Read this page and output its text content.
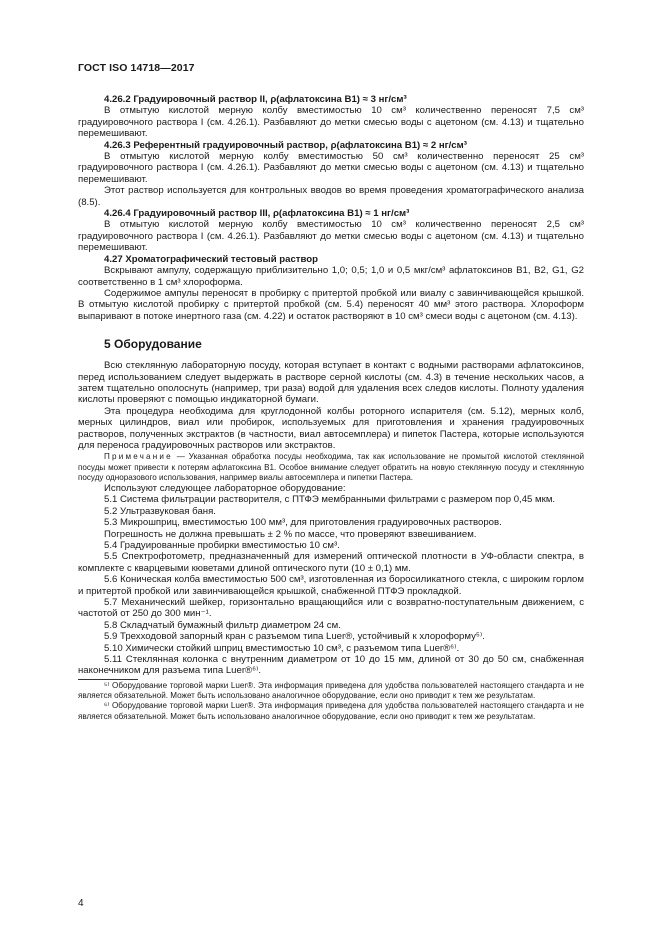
ГОСТ ISO 14718—2017

4.26.2 Градуировочный раствор II, ρ(афлатоксина В1) ≈ 3 нг/см³

В отмытую кислотой мерную колбу вместимостью 10 см³ количественно переносят 7,5 см³ градуировочного раствора I (см. 4.26.1). Разбавляют до метки смесью воды с ацетоном (см. 4.13) и тщательно перемешивают.

4.26.3 Референтный градуировочный раствор, ρ(афлатоксина В1) ≈ 2 нг/см³

В отмытую кислотой мерную колбу вместимостью 50 см³ количественно переносят 25 см³ градуировочного раствора I (см. 4.26.1). Разбавляют до метки смесью воды с ацетоном (см. 4.13) и тщательно перемешивают.

Этот раствор используется для контрольных вводов во время проведения хроматографического анализа (8.5).

4.26.4 Градуировочный раствор III, ρ(афлатоксина В1) ≈ 1 нг/см³

В отмытую кислотой мерную колбу вместимостью 10 см³ количественно переносят 2,5 см³ градуировочного раствора I (см. 4.26.1). Разбавляют до метки смесью воды с ацетоном (см. 4.13) и тщательно перемешивают.

4.27 Хроматографический тестовый раствор

Вскрывают ампулу, содержащую приблизительно 1,0; 0,5; 1,0 и 0,5 мкг/см³ афлатоксинов В1, В2, G1, G2 соответственно в 1 см³ хлороформа.

Содержимое ампулы переносят в пробирку с притертой пробкой или виалу с завинчивающейся крышкой. В отмытую кислотой пробирку с притертой пробкой (см. 5.4) переносят 40 мм³ этого раствора. Хлороформ выпаривают в потоке инертного газа (см. 4.22) и остаток растворяют в 10 см³ смеси воды с ацетоном (см. 4.13).

5 Оборудование

Всю стеклянную лабораторную посуду, которая вступает в контакт с водными растворами афлатоксинов, перед использованием следует выдержать в растворе серной кислоты (см. 4.3) в течение нескольких часов, а затем тщательно ополоснуть (например, три раза) водой для удаления всех следов кислоты. Полноту удаления кислоты проверяют с помощью индикаторной бумаги.

Эта процедура необходима для круглодонной колбы роторного испарителя (см. 5.12), мерных колб, мерных цилиндров, виал или пробирок, используемых для приготовления и хранения градуировочных растворов, полученных экстрактов (в частности, виал автосемплера) и пипеток Пастера, которые используются для переноса градуировочных растворов или экстрактов.

Примечание — Указанная обработка посуды необходима, так как использование не промытой кислотой стеклянной посуды может привести к потерям афлатоксина В1. Особое внимание следует обратить на новую стеклянную посуду и стеклянную посуду одноразового использования, например виалы автосемплера и пипетки Пастера.

Используют следующее лабораторное оборудование:

5.1 Система фильтрации растворителя, с ПТФЭ мембранными фильтрами с размером пор 0,45 мкм.

5.2 Ультразвуковая баня.

5.3 Микрошприц, вместимостью 100 мм³, для приготовления градуировочных растворов.

Погрешность не должна превышать ± 2 % по массе, что проверяют взвешиванием.

5.4 Градуированные пробирки вместимостью 10 см³.

5.5 Спектрофотометр, предназначенный для измерений оптической плотности в УФ-области спектра, в комплекте с кварцевыми кюветами длиной оптического пути (10 ± 0,1) мм.

5.6 Коническая колба вместимостью 500 см³, изготовленная из боросиликатного стекла, с широким горлом и притертой пробкой или завинчивающейся крышкой, снабженной ПТФЭ прокладкой.

5.7 Механический шейкер, горизонтально вращающийся или с возвратно-поступательным движением, с частотой от 250 до 300 мин⁻¹.

5.8 Складчатый бумажный фильтр диаметром 24 см.

5.9 Трехходовой запорный кран с разъемом типа Luer®, устойчивый к хлороформу⁵⁾.

5.10 Химически стойкий шприц вместимостью 10 см³, с разъемом типа Luer®⁶⁾.

5.11 Стеклянная колонка с внутренним диаметром от 10 до 15 мм, длиной от 30 до 50 см, снабженная наконечником для разъема типа Luer®⁶⁾.

⁵⁾ Оборудование торговой марки Luer®. Эта информация приведена для удобства пользователей настоящего стандарта и не является обязательной. Может быть использовано аналогичное оборудование, если оно приводит к тем же результатам.

⁶⁾ Оборудование торговой марки Luer®. Эта информация приведена для удобства пользователей настоящего стандарта и не является обязательной. Может быть использовано аналогичное оборудование, если оно приводит к тем же результатам.

4
